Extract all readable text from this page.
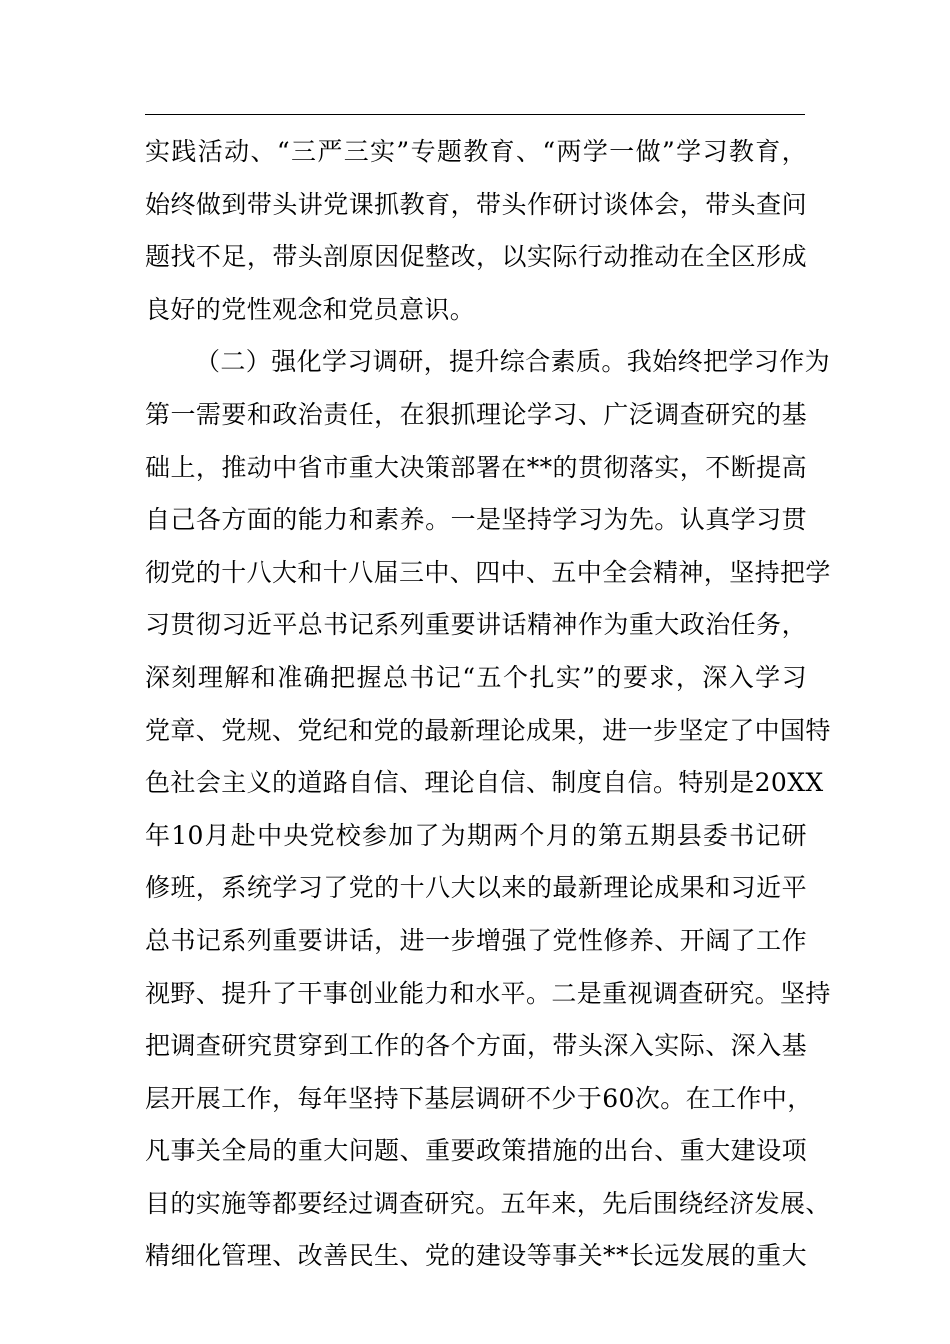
实践活动、“三严三实”专题教育、“两学一做”学习教育，
始终做到带头讲党课抓教育，带头作研讨谈体会，带头查问
题找不足，带头剖原因促整改，以实际行动推动在全区形成
良好的党性观念和党员意识。
（二）强化学习调研，提升综合素质。我始终把学习作为
第一需要和政治责任，在狠抓理论学习、广泛调查研究的基
础上，推动中省市重大决策部署在**的贯彻落实，不断提高
自己各方面的能力和素养。一是坚持学习为先。认真学习贯
彻党的十八大和十八届三中、四中、五中全会精神，坚持把学
习贯彻习近平总书记系列重要讲话精神作为重大政治任务，
深刻理解和准确把握总书记“五个扎实”的要求，深入学习
党章、党规、党纪和党的最新理论成果，进一步坚定了中国特
色社会主义的道路自信、理论自信、制度自信。特别是20XX
年10月赴中央党校参加了为期两个月的第五期县委书记研
修班，系统学习了党的十八大以来的最新理论成果和习近平
总书记系列重要讲话，进一步增强了党性修养、开阔了工作
视野、提升了干事创业能力和水平。二是重视调查研究。坚持
把调查研究贯穿到工作的各个方面，带头深入实际、深入基
层开展工作，每年坚持下基层调研不少于60次。在工作中，
凡事关全局的重大问题、重要政策措施的出台、重大建设项
目的实施等都要经过调查研究。五年来，先后围绕经济发展、
精细化管理、改善民生、党的建设等事关**长远发展的重大
